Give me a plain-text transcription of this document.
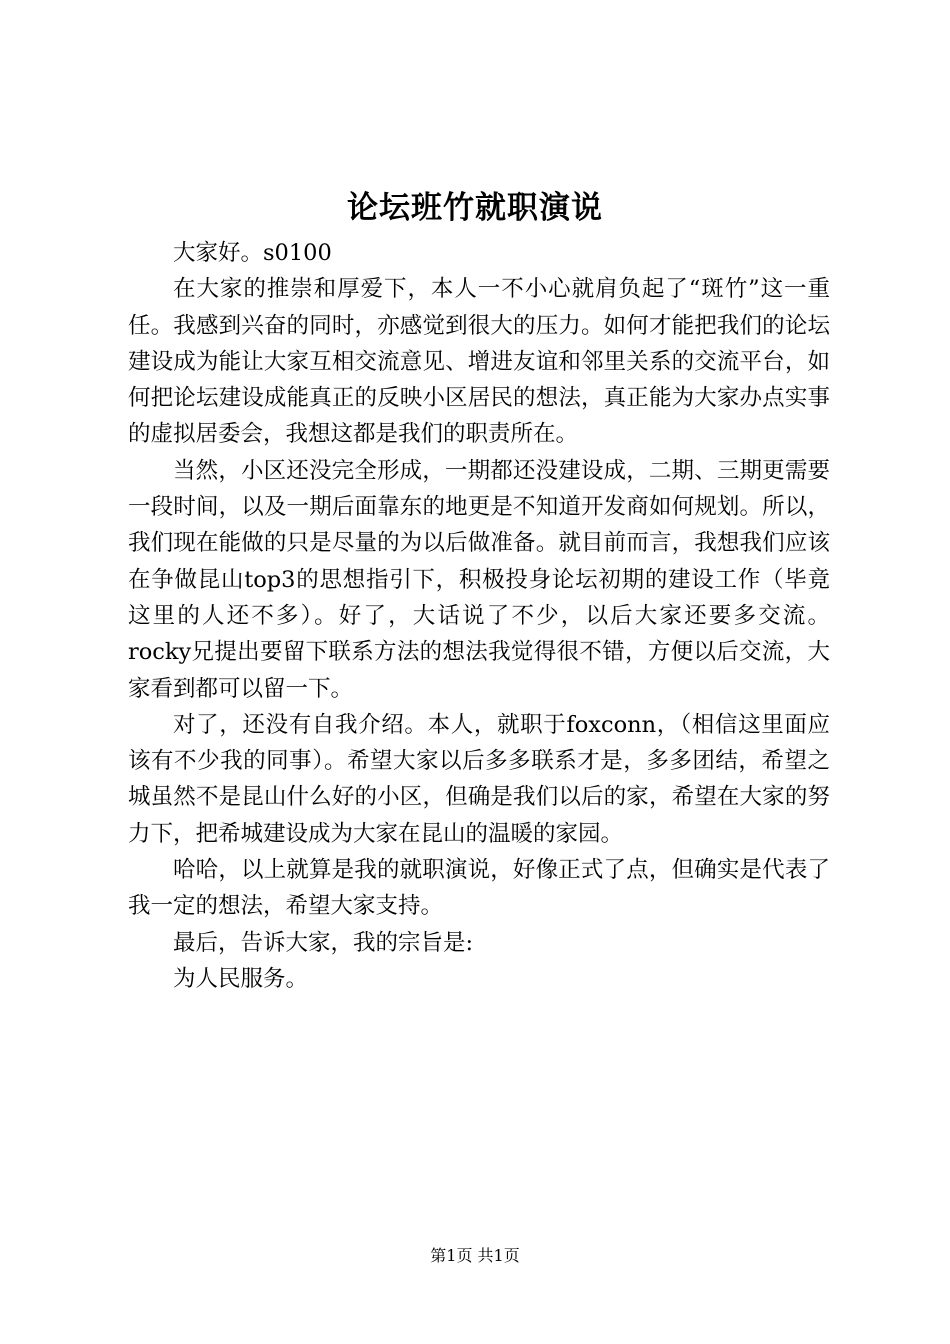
论坛班竹就职演说

大家好。s0100

在大家的推崇和厚爱下，本人一不小心就肩负起了“斑竹”这一重任。我感到兴奋的同时，亦感觉到很大的压力。如何才能把我们的论坛建设成为能让大家互相交流意见、增进友谊和邻里关系的交流平台，如何把论坛建设成能真正的反映小区居民的想法，真正能为大家办点实事的虚拟居委会，我想这都是我们的职责所在。

当然，小区还没完全形成，一期都还没建设成，二期、三期更需要一段时间，以及一期后面靠东的地更是不知道开发商如何规划。所以，我们现在能做的只是尽量的为以后做准备。就目前而言，我想我们应该在争做昆山top3的思想指引下，积极投身论坛初期的建设工作（毕竟这里的人还不多）。好了，大话说了不少，以后大家还要多交流。rocky兄提出要留下联系方法的想法我觉得很不错，方便以后交流，大家看到都可以留一下。

对了，还没有自我介绍。本人，就职于foxconn，（相信这里面应该有不少我的同事）。希望大家以后多多联系才是，多多团结，希望之城虽然不是昆山什么好的小区，但确是我们以后的家，希望在大家的努力下，把希城建设成为大家在昆山的温暖的家园。

哈哈，以上就算是我的就职演说，好像正式了点，但确实是代表了我一定的想法，希望大家支持。

最后，告诉大家，我的宗旨是:

为人民服务。

第1页 共1页
